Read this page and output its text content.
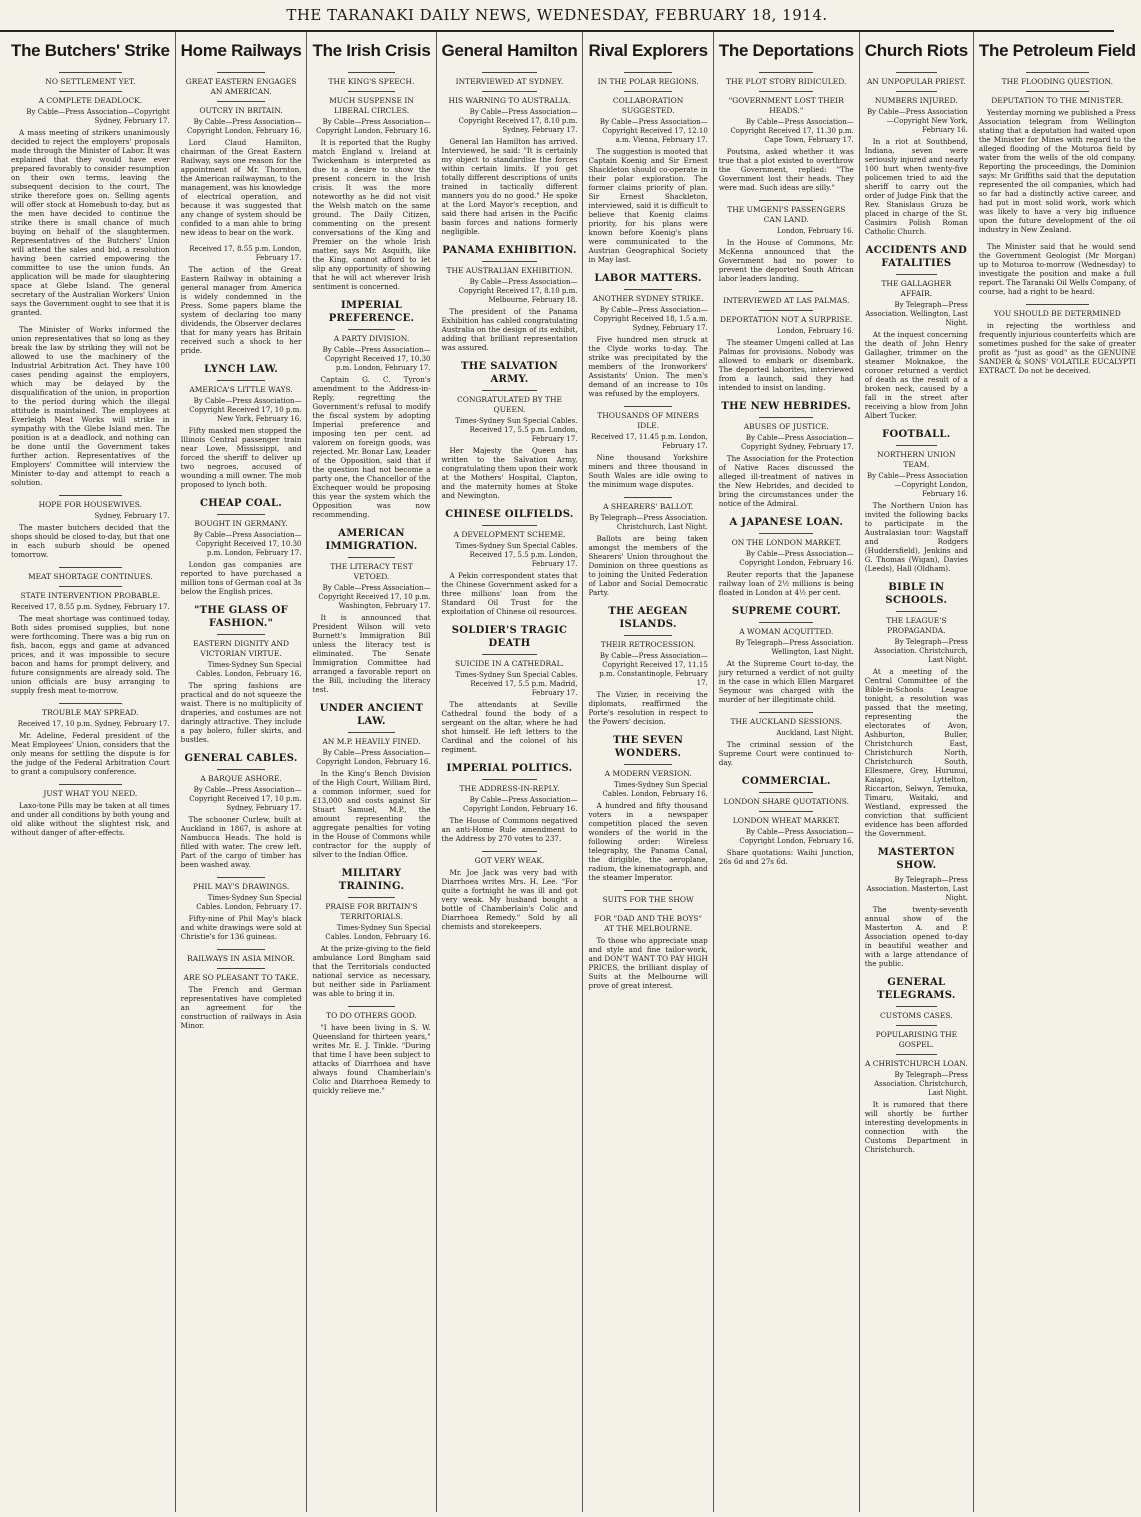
THE TARANAKI DAILY NEWS, WEDNESDAY, FEBRUARY 18, 1914.
The Butchers' Strike
NO SETTLEMENT YET.
A COMPLETE DEADLOCK.
By Cable—Press Association—Copyright Sydney, February 17.

A mass meeting of strikers unanimously decided to reject the employers' proposals made through the Minister of Labor. It was explained that they would have ever prepared favorably to consider resumption on their own terms, leaving the subsequent decision to the court. The strike therefore goes on. Selling agents will offer stock at Homebush to-day, but as the men have decided to continue the strike there is small chance of much buying on behalf of the slaughtermen. Representatives of the Butchers' Union will attend the sales and bid, a resolution having been carried empowering the committee to use the union funds. An application will be made for slaughtering space at Glebe Island. The general secretary of the Australian Workers' Union says the Government ought to see that it is granted.

The Minister of Works informed the union representatives that so long as they break the law by striking they will not be allowed to use the machinery of the Industrial Arbitration Act. They have 100 cases pending against the employers, which may be delayed by the disqualification of the union, in proportion to the period during which the illegal attitude is maintained. The employees at Everleigh Meat Works will strike in sympathy with the Glebe Island men. The position is at a deadlock, and nothing can be done until the Government takes further action. Representatives of the Employers' Committee will interview the Minister to-day and attempt to reach a solution.

HOPE FOR HOUSEWIVES.
Sydney, February 17.

The master butchers decided that the shops should be closed to-day, but that one in each suburb should be opened tomorrow.

MEAT SHORTAGE CONTINUES.
STATE INTERVENTION PROBABLE.
Received 17, 8.55 p.m. Sydney, February 17.

The meat shortage was continued today. Both sides promised supplies, but none were forthcoming. There was a big run on fish, bacon, eggs and game at advanced prices, and it was impossible to secure bacon and hams for prompt delivery, and future consignments are already sold. The union officials are busy arranging to supply fresh meat to-morrow.

TROUBLE MAY SPREAD.
Received 17, 10 p.m. Sydney, February 17.

Mr. Adeline, Federal president of the Meat Employees' Union, considers that the only means for settling the dispute is for the judge of the Federal Arbitration Court to grant a compulsory conference.

JUST WHAT YOU NEED.

Laxo-tone Pills may be taken at all times and under all conditions by both young and old alike without the slightest risk, and without danger of after-effects.

Home Railways
GREAT EASTERN ENGAGES AN AMERICAN.
OUTCRY IN BRITAIN.
By Cable—Press Association—Copyright London, February 16.

Lord Claud Hamilton, chairman of the Great Eastern Railway, says one reason for the appointment of Mr. Thornton, the American railwayman, to the management, was his knowledge of electrical operation, and because it was suggested that any change of system should be confided to a man able to bring new ideas to bear on the work.

Received 17, 8.55 p.m. London, February 17.

The action of the Great Eastern Railway in obtaining a general manager from America is widely condemned in the Press. Some papers blame the system of declaring too many dividends, the Observer declares that for many years has Britain received such a shock to her pride.

LYNCH LAW.
AMERICA'S LITTLE WAYS.
By Cable—Press Association—Copyright Received 17, 10 p.m. New York, February 16.

Fifty masked men stopped the Illinois Central passenger train near Lowe, Mississippi, and forced the sheriff to deliver up two negroes, accused of wounding a mill owner. The mob proposed to lynch both.

CHEAP COAL.
BOUGHT IN GERMANY.
By Cable—Press Association—Copyright Received 17, 10.30 p.m. London, February 17.

London gas companies are reported to have purchased a million tons of German coal at 3s below the English prices.

"THE GLASS OF FASHION."
EASTERN DIGNITY AND VICTORIAN VIRTUE.
Times-Sydney Sun Special Cables. London, February 16.

The spring fashions are practical and do not squeeze the waist. There is no multiplicity of draperies, and costumes are not daringly attractive. They include a pay bolero, fuller skirts, and bustles.

GENERAL CABLES.
A BARQUE ASHORE.
By Cable—Press Association—Copyright Received 17, 10 p.m. Sydney, February 17.

The schooner Curlew, built at Auckland in 1867, is ashore at Nambucca Heads. The hold is filled with water. The crew left. Part of the cargo of timber has been washed away.

PHIL MAY'S DRAWINGS.
Times-Sydney Sun Special Cables. London, February 17.

Fifty-nine of Phil May's black and white drawings were sold at Christie's for 136 guineas.

RAILWAYS IN ASIA MINOR.
ARE SO PLEASANT TO TAKE.

The French and German representatives have completed an agreement for the construction of railways in Asia Minor.

The Irish Crisis
THE KING'S SPEECH.
MUCH SUSPENSE IN LIBERAL CIRCLES.
By Cable—Press Association—Copyright London, February 16.

It is reported that the Rugby match England v. Ireland at Twickenham is interpreted as due to a desire to show the present concern in the Irish crisis. It was the more noteworthy as he did not visit the Welsh match on the same ground. The Daily Citizen, commenting on the present conversations of the King and Premier on the whole Irish matter, says Mr. Asquith, like the King, cannot afford to let slip any opportunity of showing that he will act wherever Irish sentiment is concerned.

IMPERIAL PREFERENCE.
A PARTY DIVISION.
By Cable—Press Association—Copyright Received 17, 10.30 p.m. London, February 17.

Captain G. C. Tyron's amendment to the Address-in-Reply, regretting the Government's refusal to modify the fiscal system by adopting Imperial preference and imposing ten per cent. ad valorem on foreign goods, was rejected. Mr. Bonar Law, Leader of the Opposition, said that if the question had not become a party one, the Chancellor of the Exchequer would be proposing this year the system which the Opposition was now recommending.

AMERICAN IMMIGRATION.
THE LITERACY TEST VETOED.
By Cable—Press Association—Copyright Received 17, 10 p.m. Washington, February 17.

It is announced that President Wilson will veto Burnett's Immigration Bill unless the literacy test is eliminated. The Senate Immigration Committee had arranged a favorable report on the Bill, including the literacy test.

UNDER ANCIENT LAW.
AN M.P. HEAVILY FINED.
By Cable—Press Association—Copyright London, February 16.

In the King's Bench Division of the High Court, William Bird, a common informer, sued for £13,000 and costs against Sir Stuart Samuel, M.P., the amount representing the aggregate penalties for voting in the House of Commons while contractor for the supply of silver to the Indian Office.

MILITARY TRAINING.
PRAISE FOR BRITAIN'S TERRITORIALS.
Times-Sydney Sun Special Cables. London, February 16.

At the prize-giving to the field ambulance Lord Bingham said that the Territorials conducted national service as necessary, but neither side in Parliament was able to bring it in.

TO DO OTHERS GOOD.

"I have been living in S. W. Queensland for thirteen years," writes Mr. E. J. Tinkle. "During that time I have been subject to attacks of Diarrhoea and have always found Chamberlain's Colic and Diarrhoea Remedy to quickly relieve me."

General Hamilton
INTERVIEWED AT SYDNEY.
HIS WARNING TO AUSTRALIA.
By Cable—Press Association—Copyright Received 17, 8.10 p.m. Sydney, February 17.

General Ian Hamilton has arrived. Interviewed, he said: "It is certainly my object to standardise the forces within certain limits. If you get totally different descriptions of units trained in tactically different manners you do no good." He spoke at the Lord Mayor's reception, and said there had arisen in the Pacific basin forces and nations formerly negligible.

PANAMA EXHIBITION.
THE AUSTRALIAN EXHIBITION.
By Cable—Press Association—Copyright Received 17, 8.10 p.m. Melbourne, February 18.

The president of the Panama Exhibition has cabled congratulating Australia on the design of its exhibit, adding that brilliant representation was assured.

THE SALVATION ARMY.
CONGRATULATED BY THE QUEEN.
Times-Sydney Sun Special Cables. Received 17, 5.5 p.m. London, February 17.

Her Majesty the Queen has written to the Salvation Army, congratulating them upon their work at the Mothers' Hospital, Clapton, and the maternity homes at Stoke and Newington.

CHINESE OILFIELDS.
A DEVELOPMENT SCHEME.
Times-Sydney Sun Special Cables. Received 17, 5.5 p.m. London, February 17.

A Pekin correspondent states that the Chinese Government asked for a three millions' loan from the Standard Oil Trust for the exploitation of Chinese oil resources.

SOLDIER'S TRAGIC DEATH
SUICIDE IN A CATHEDRAL.
Times-Sydney Sun Special Cables. Received 17, 5.5 p.m. Madrid, February 17.

The attendants at Seville Cathedral found the body of a sergeant on the altar, where he had shot himself. He left letters to the Cardinal and the colonel of his regiment.

IMPERIAL POLITICS.
THE ADDRESS-IN-REPLY.
By Cable—Press Association—Copyright London, February 16.

The House of Commons negatived an anti-Home Rule amendment to the Address by 270 votes to 237.

GOT VERY WEAK.

Mr. Joe Jack was very bad with Diarrhoea writes Mrs. H. Lee. "For quite a fortnight he was ill and got very weak. My husband bought a bottle of Chamberlain's Colic and Diarrhoea Remedy." Sold by all chemists and storekeepers.

Rival Explorers
IN THE POLAR REGIONS.
COLLABORATION SUGGESTED.
By Cable—Press Association—Copyright Received 17, 12.10 a.m. Vienna, February 17.

The suggestion is mooted that Captain Koenig and Sir Ernest Shackleton should co-operate in their polar exploration. The former claims priority of plan. Sir Ernest Shackleton, interviewed, said it is difficult to believe that Koenig claims priority, for his plans were known before Koenig's plans were communicated to the Austrian Geographical Society in May last.

LABOR MATTERS.
ANOTHER SYDNEY STRIKE.
By Cable—Press Association—Copyright Received 18, 1.5 a.m. Sydney, February 17.

Five hundred men struck at the Clyde works to-day. The strike was precipitated by the members of the Ironworkers' Assistants' Union. The men's demand of an increase to 10s was refused by the employers.

THOUSANDS OF MINERS IDLE.
Received 17, 11.45 p.m. London, February 17.

Nine thousand Yorkshire miners and three thousand in South Wales are idle owing to the minimum wage disputes.

A SHEARERS' BALLOT.
By Telegraph—Press Association. Christchurch, Last Night.

Ballots are being taken amongst the members of the Shearers' Union throughout the Dominion on three questions as to joining the United Federation of Labor and Social Democratic Party.

THE AEGEAN ISLANDS.
THEIR RETROCESSION.
By Cable—Press Association—Copyright Received 17, 11.15 p.m. Constantinople, February 17.

The Vizier, in receiving the diplomats, reaffirmed the Porte's resolution in respect to the Powers' decision.

THE SEVEN WONDERS.
A MODERN VERSION.
Times-Sydney Sun Special Cables. London, February 16.

A hundred and fifty thousand voters in a newspaper competition placed the seven wonders of the world in the following order: Wireless telegraphy, the Panama Canal, the dirigible, the aeroplane, radium, the kinematograph, and the steamer Imperator.

SUITS FOR THE SHOW
FOR "DAD AND THE BOYS" AT THE MELBOURNE.

To those who appreciate snap and style and fine tailor-work, and DON'T WANT TO PAY HIGH PRICES, the brilliant display of Suits at the Melbourne will prove of great interest.

The Deportations
THE PLOT STORY RIDICULED.
"GOVERNMENT LOST THEIR HEADS."
By Cable—Press Association—Copyright Received 17, 11.30 p.m. Cape Town, February 17.

Poutsma, asked whether it was true that a plot existed to overthrow the Government, replied: "The Government lost their heads. They were mad. Such ideas are silly."

THE UMGENI'S PASSENGERS CAN LAND.
London, February 16.

In the House of Commons, Mr. McKenna announced that the Government had no power to prevent the deported South African labor leaders landing.

INTERVIEWED AT LAS PALMAS.
DEPORTATION NOT A SURPRISE.
London, February 16.

The steamer Umgeni called at Las Palmas for provisions. Nobody was allowed to embark or disembark. The deported laborites, interviewed from a launch, said they had intended to insist on landing.

THE NEW HEBRIDES.
ABUSES OF JUSTICE.
By Cable—Press Association—Copyright Sydney, February 17.

The Association for the Protection of Native Races discussed the alleged ill-treatment of natives in the New Hebrides, and decided to bring the circumstances under the notice of the Admiral.

A JAPANESE LOAN.
ON THE LONDON MARKET.
By Cable—Press Association—Copyright London, February 16.

Reuter reports that the Japanese railway loan of 2½ millions is being floated in London at 4½ per cent.

SUPREME COURT.
A WOMAN ACQUITTED.
By Telegraph—Press Association. Wellington, Last Night.

At the Supreme Court to-day, the jury returned a verdict of not guilty in the case in which Ellen Margaret Seymour was charged with the murder of her illegitimate child.

THE AUCKLAND SESSIONS.
Auckland, Last Night.

The criminal session of the Supreme Court were continued to-day.

COMMERCIAL.
LONDON SHARE QUOTATIONS.
LONDON WHEAT MARKET.
By Cable—Press Association—Copyright London, February 16.

Share quotations: Waihi Junction, 26s 6d and 27s 6d.

Church Riots
AN UNPOPULAR PRIEST.
NUMBERS INJURED.
By Cable—Press Association—Copyright New York, February 16.

In a riot at Southbend, Indiana, seven were seriously injured and nearly 100 hurt when twenty-five policemen tried to aid the sheriff to carry out the order of Judge Fink that the Rev. Stanislaus Gruza be placed in charge of the St. Casimirs Polish Roman Catholic Church.

ACCIDENTS AND FATALITIES
THE GALLAGHER AFFAIR.
By Telegraph—Press Association. Wellington, Last Night.

At the inquest concerning the death of John Henry Gallagher, trimmer on the steamer Moknakoe, the coroner returned a verdict of death as the result of a broken neck, caused by a fall in the street after receiving a blow from John Albert Tucker.

FOOTBALL.
NORTHERN UNION TEAM.
By Cable—Press Association—Copyright London, February 16.

The Northern Union has invited the following backs to participate in the Australasian tour: Wagstaff and Rodgers (Huddersfield), Jenkins and G. Thomas (Wigan), Davies (Leeds), Hall (Oldham).

BIBLE IN SCHOOLS.
THE LEAGUE'S PROPAGANDA.
By Telegraph—Press Association. Christchurch, Last Night.

At a meeting of the Central Committee of the Bible-in-Schools League tonight, a resolution was passed that the meeting, representing the electorates of Avon, Ashburton, Buller, Christchurch East, Christchurch North, Christchurch South, Ellesmere, Grey, Hurunui, Kaiapoi, Lyttelton, Riccarton, Selwyn, Temuka, Timaru, Waitaki, and Westland, expressed the conviction that sufficient evidence has been afforded the Government.

MASTERTON SHOW.
By Telegraph—Press Association. Masterton, Last Night.

The twenty-seventh annual show of the Masterton A. and P. Association opened to-day in beautiful weather and with a large attendance of the public.

GENERAL TELEGRAMS.
CUSTOMS CASES.
POPULARISING THE GOSPEL.
A CHRISTCHURCH LOAN.
By Telegraph—Press Association. Christchurch, Last Night.

It is rumored that there will shortly be further interesting developments in connection with the Customs Department in Christchurch.

The Petroleum Field
THE FLOODING QUESTION.
DEPUTATION TO THE MINISTER.

Yesterday morning we published a Press Association telegram from Wellington stating that a deputation had waited upon the Minister for Mines with regard to the alleged flooding of the Moturoa field by water from the wells of the old company. Reporting the proceedings, the Dominion says: Mr Griffiths said that the deputation represented the oil companies, which had so far had a distinctly active career, and had put in most solid work, work which was likely to have a very big influence upon the future development of the oil industry in New Zealand.

The Minister said that he would send the Government Geologist (Mr Morgan) up to Moturoa to-morrow (Wednesday) to investigate the position and make a full report. The Taranaki Oil Wells Company, of course, had a right to be heard.

YOU SHOULD BE DETERMINED

in rejecting the worthless and frequently injurious counterfeits which are sometimes pushed for the sake of greater profit as "just as good" as the GENUINE SANDER & SONS' VOLATILE EUCALYPTI EXTRACT. Do not be deceived.
